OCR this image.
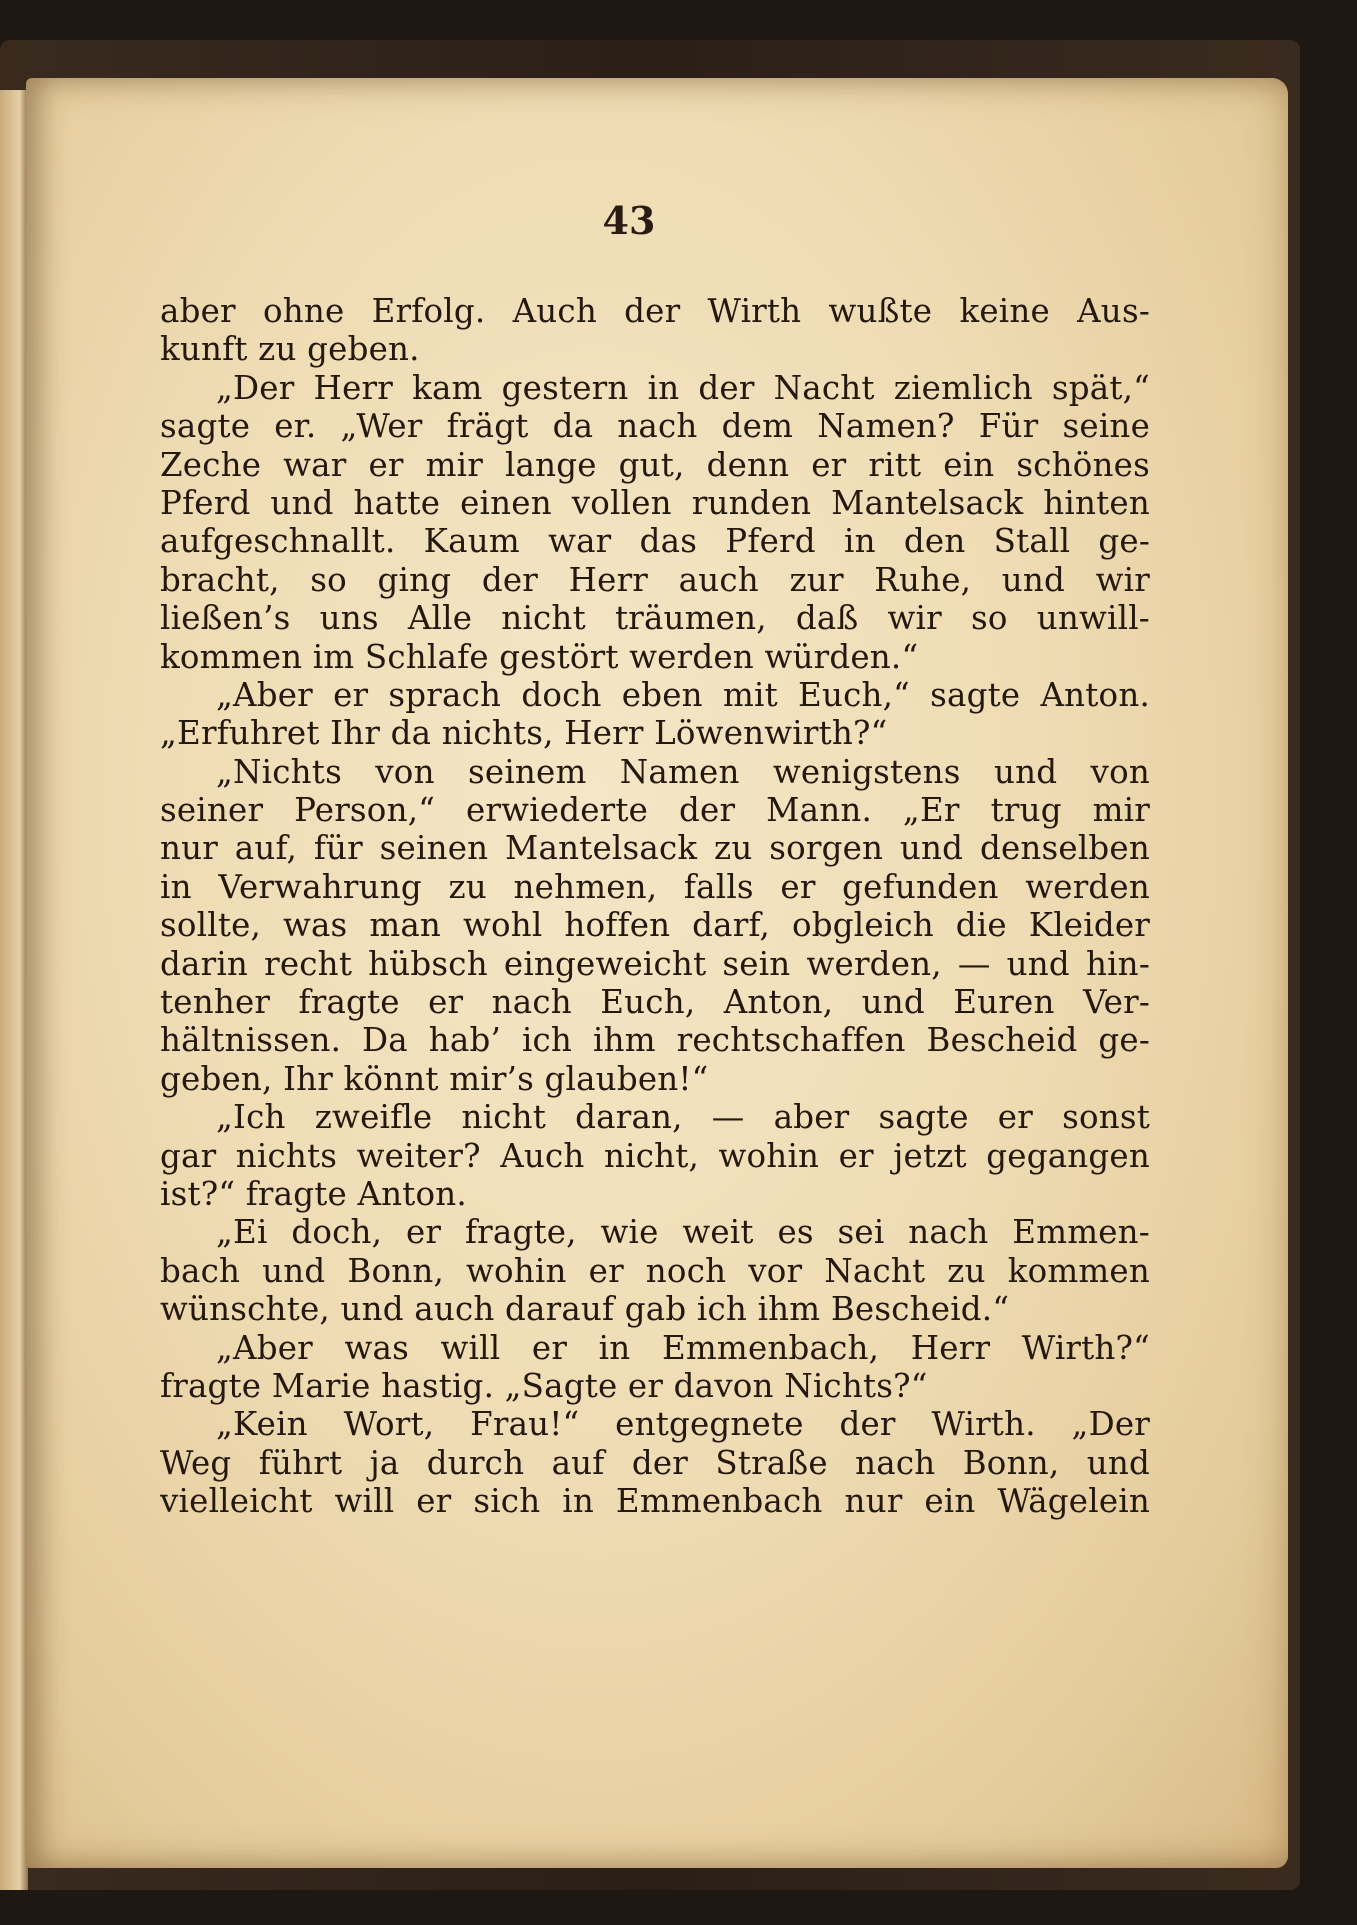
43
aber ohne Erfolg. Auch der Wirth wußte keine Aus-
kunft zu geben.
„Der Herr kam gestern in der Nacht ziemlich spät,“
sagte er. „Wer frägt da nach dem Namen? Für seine
Zeche war er mir lange gut, denn er ritt ein schönes
Pferd und hatte einen vollen runden Mantelsack hinten
aufgeschnallt. Kaum war das Pferd in den Stall ge-
bracht, so ging der Herr auch zur Ruhe, und wir
ließen’s uns Alle nicht träumen, daß wir so unwill-
kommen im Schlafe gestört werden würden.“
„Aber er sprach doch eben mit Euch,“ sagte Anton.
„Erfuhret Ihr da nichts, Herr Löwenwirth?“
„Nichts von seinem Namen wenigstens und von
seiner Person,“ erwiederte der Mann. „Er trug mir
nur auf, für seinen Mantelsack zu sorgen und denselben
in Verwahrung zu nehmen, falls er gefunden werden
sollte, was man wohl hoffen darf, obgleich die Kleider
darin recht hübsch eingeweicht sein werden, — und hin-
tenher fragte er nach Euch, Anton, und Euren Ver-
hältnissen. Da hab’ ich ihm rechtschaffen Bescheid ge-
geben, Ihr könnt mir’s glauben!“
„Ich zweifle nicht daran, — aber sagte er sonst
gar nichts weiter? Auch nicht, wohin er jetzt gegangen
ist?“ fragte Anton.
„Ei doch, er fragte, wie weit es sei nach Emmen-
bach und Bonn, wohin er noch vor Nacht zu kommen
wünschte, und auch darauf gab ich ihm Bescheid.“
„Aber was will er in Emmenbach, Herr Wirth?“
fragte Marie hastig. „Sagte er davon Nichts?“
„Kein Wort, Frau!“ entgegnete der Wirth. „Der
Weg führt ja durch auf der Straße nach Bonn, und
vielleicht will er sich in Emmenbach nur ein Wägelein
